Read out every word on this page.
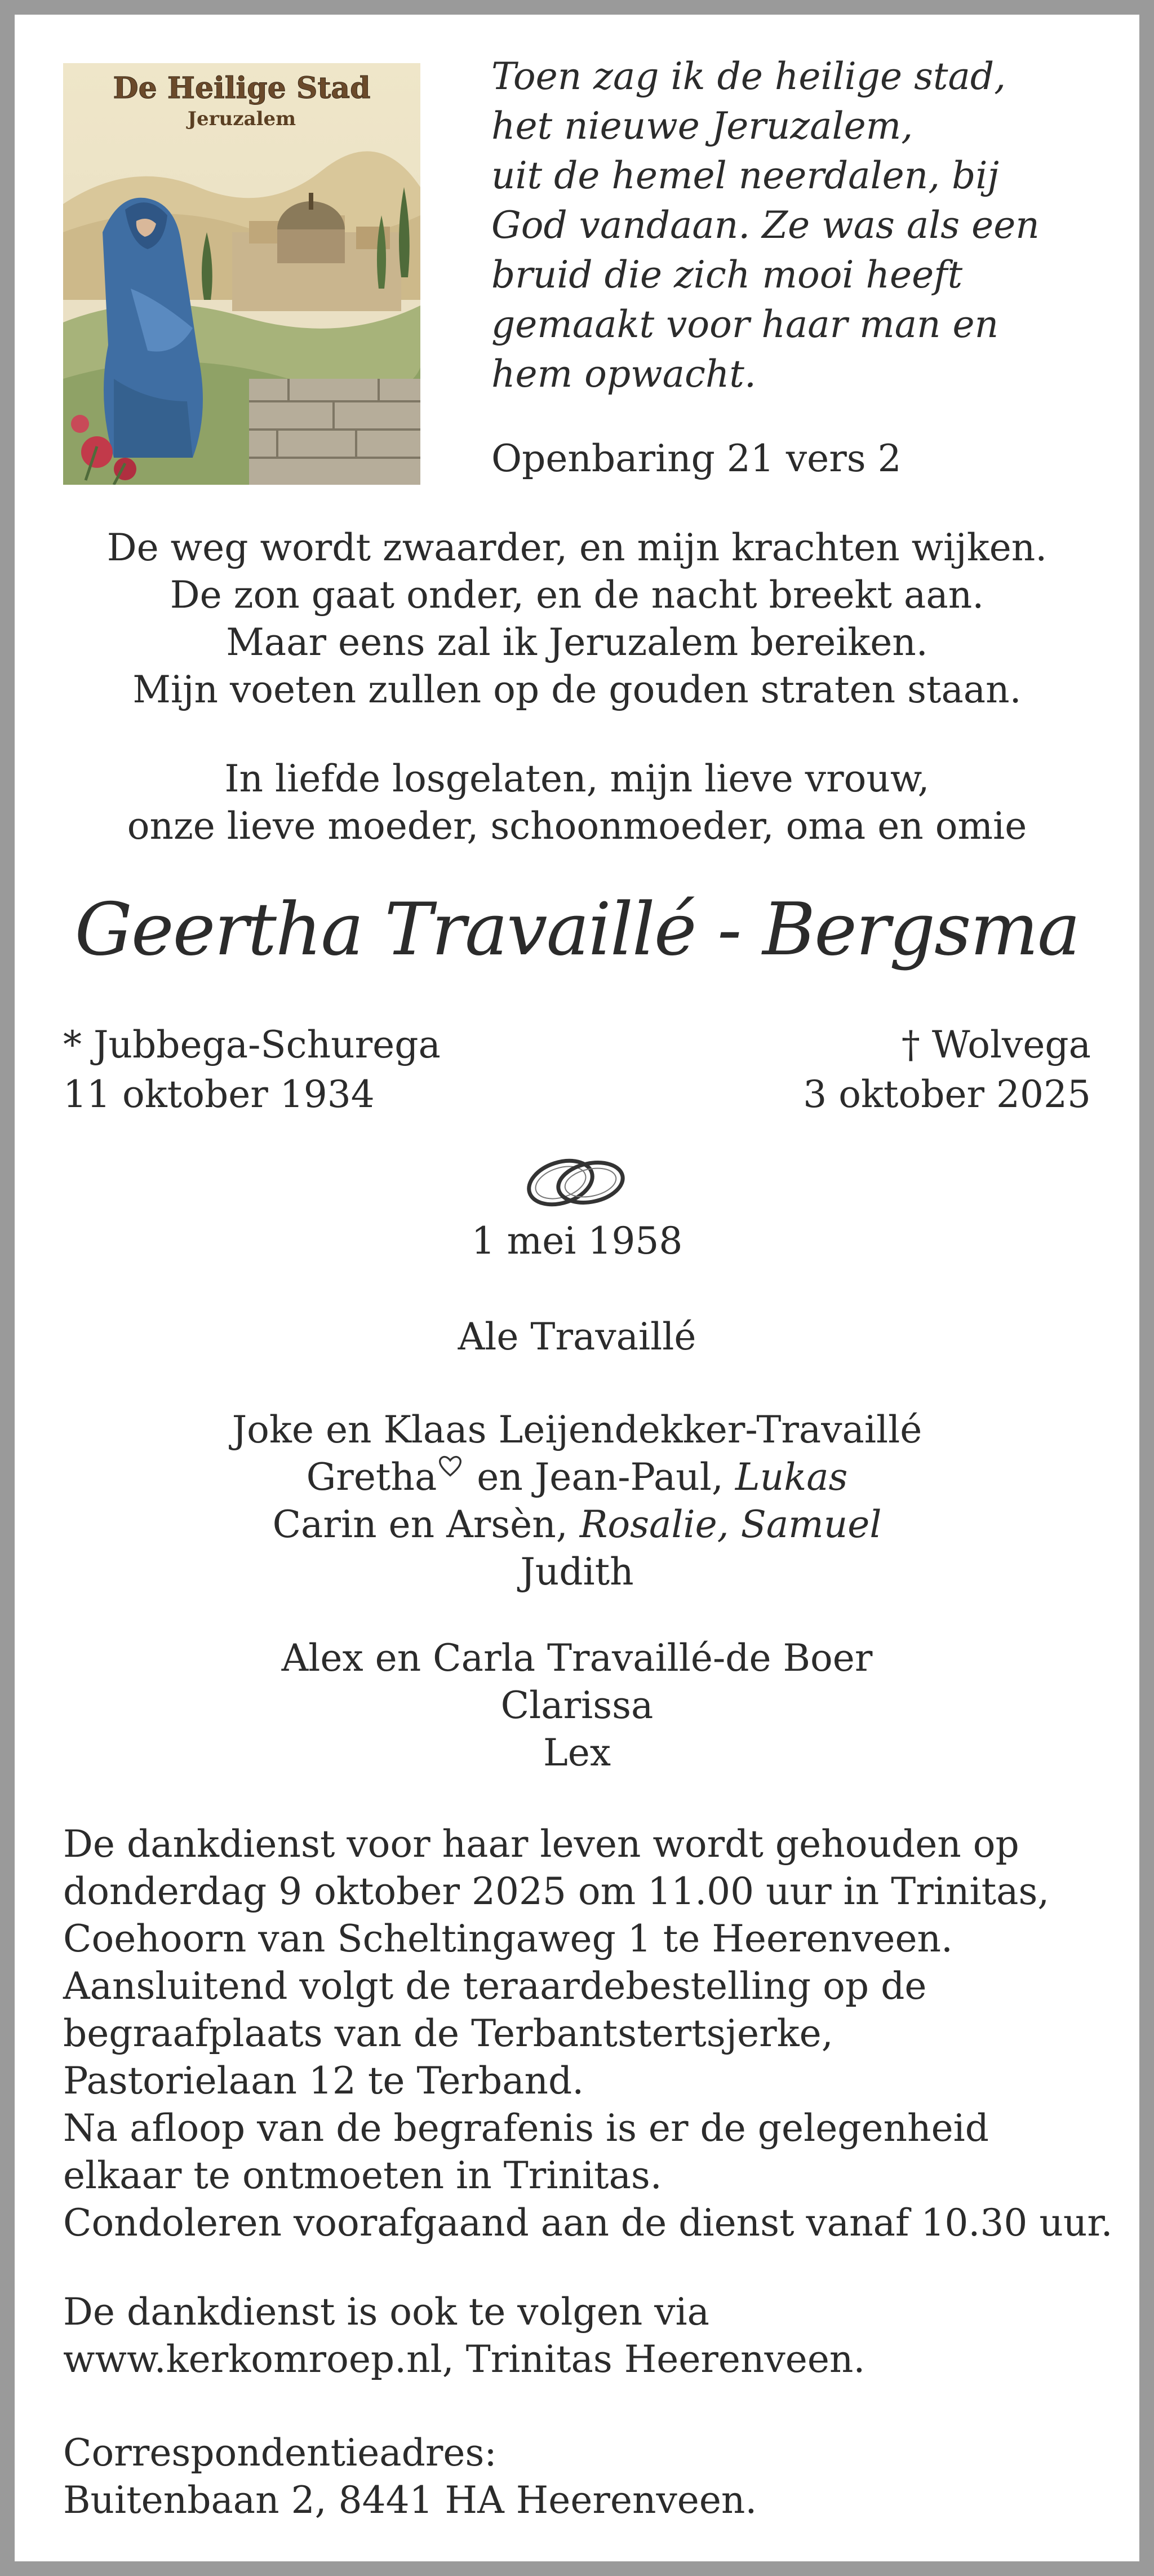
De Heilige Stad
Jeruzalem
Toen zag ik de heilige stad,
het nieuwe Jeruzalem,
uit de hemel neerdalen, bij
God vandaan. Ze was als een
bruid die zich mooi heeft
gemaakt voor haar man en
hem opwacht.
Openbaring 21 vers 2
De weg wordt zwaarder, en mijn krachten wijken.
De zon gaat onder, en de nacht breekt aan.
Maar eens zal ik Jeruzalem bereiken.
Mijn voeten zullen op de gouden straten staan.
In liefde losgelaten, mijn lieve vrouw,
onze lieve moeder, schoonmoeder, oma en omie
Geertha Travaillé - Bergsma
* Jubbega-Schurega
11 oktober 1934
† Wolvega
3 oktober 2025
1 mei 1958
Ale Travaillé
Joke en Klaas Leijendekker-Travaillé
Gretha
en Jean-Paul, Lukas
Carin en Arsèn, Rosalie, Samuel
Judith
Alex en Carla Travaillé-de Boer
Clarissa
Lex
De dankdienst voor haar leven wordt gehouden op
donderdag 9 oktober 2025 om 11.00 uur in Trinitas,
Coehoorn van Scheltingaweg 1 te Heerenveen.
Aansluitend volgt de teraardebestelling op de
begraafplaats van de Terbantstertsjerke,
Pastorielaan 12 te Terband.
Na afloop van de begrafenis is er de gelegenheid
elkaar te ontmoeten in Trinitas.
Condoleren voorafgaand aan de dienst vanaf 10.30 uur.
De dankdienst is ook te volgen via
www.kerkomroep.nl, Trinitas Heerenveen.
Correspondentieadres:
Buitenbaan 2, 8441 HA Heerenveen.
